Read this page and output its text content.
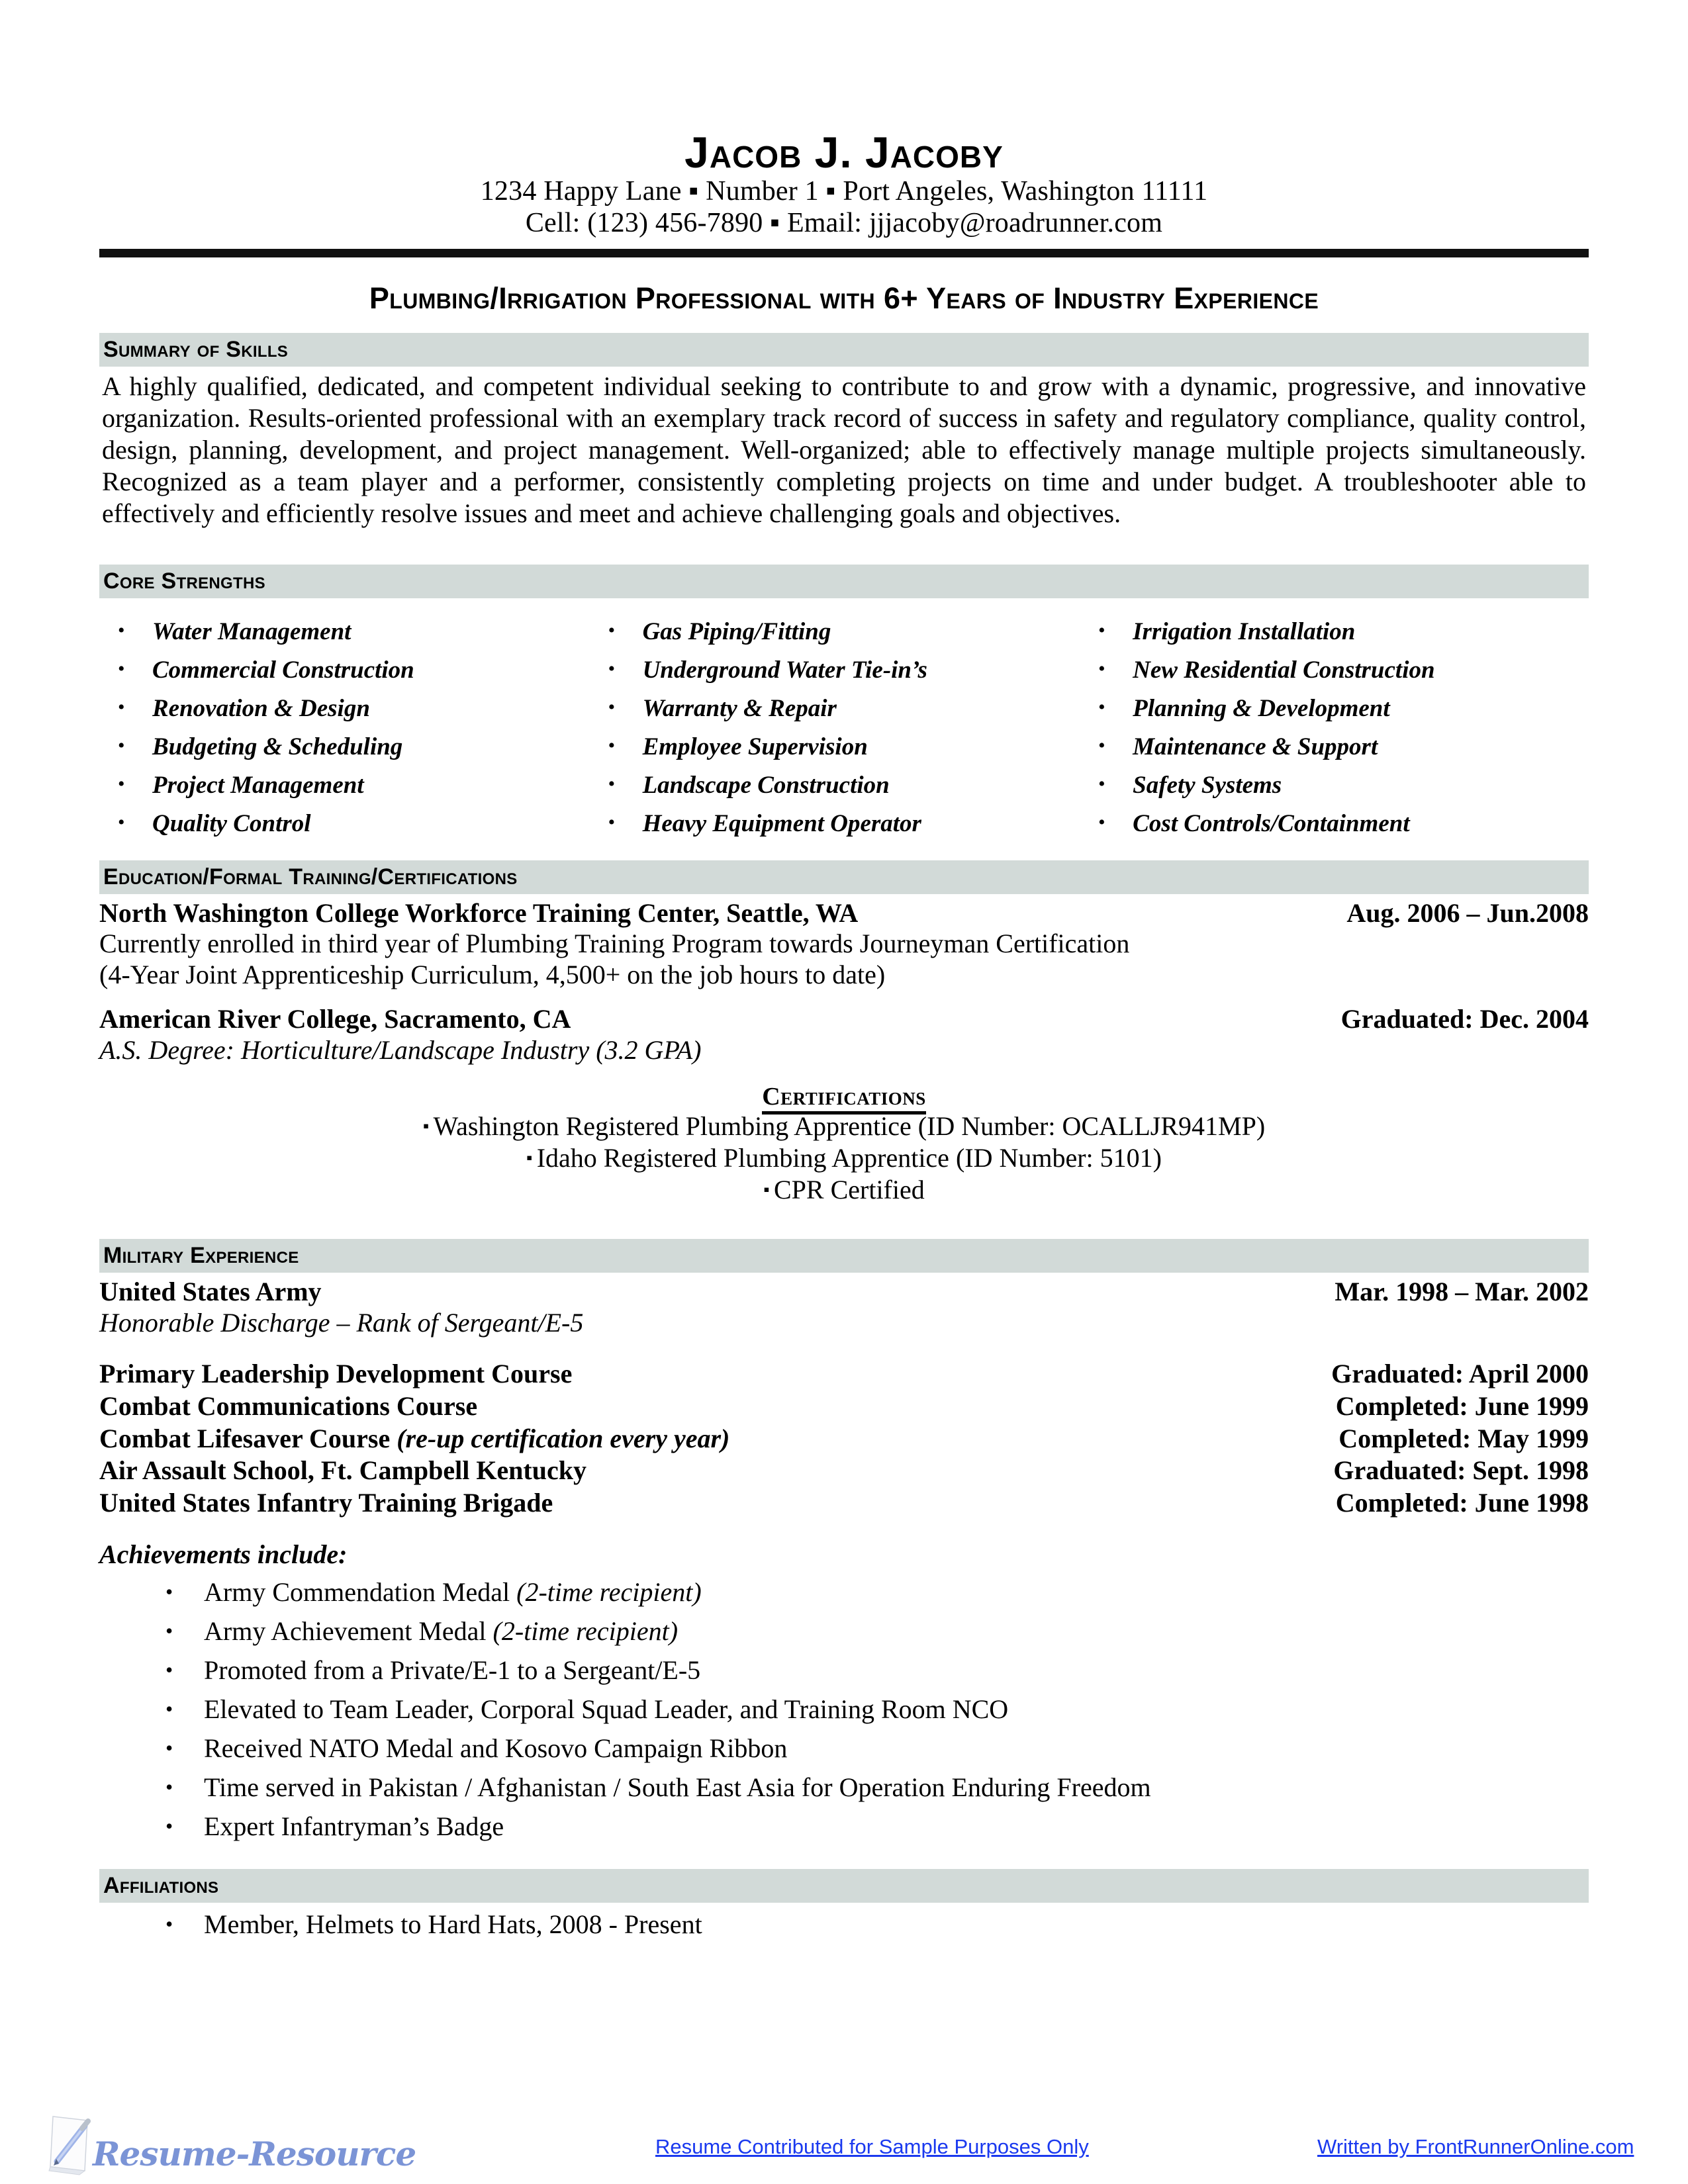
Jacob J. Jacoby
1234 Happy Lane ▪ Number 1 ▪ Port Angeles, Washington 11111
Cell: (123) 456-7890 ▪ Email: jjjacoby@roadrunner.com
Plumbing/Irrigation Professional with 6+ Years of Industry Experience
Summary of Skills
A highly qualified, dedicated, and competent individual seeking to contribute to and grow with a dynamic, progressive, and innovative organization. Results-oriented professional with an exemplary track record of success in safety and regulatory compliance, quality control, design, planning, development, and project management. Well-organized; able to effectively manage multiple projects simultaneously. Recognized as a team player and a performer, consistently completing projects on time and under budget. A troubleshooter able to effectively and efficiently resolve issues and meet and achieve challenging goals and objectives.
Core Strengths
•	Water Management
•	Commercial Construction
•	Renovation & Design
•	Budgeting & Scheduling
•	Project Management
•	Quality Control
•	Gas Piping/Fitting
•	Underground Water Tie-in’s
•	Warranty & Repair
•	Employee Supervision
•	Landscape Construction
•	Heavy Equipment Operator
•	Irrigation Installation
•	New Residential Construction
•	Planning & Development
•	Maintenance & Support
•	Safety Systems
•	Cost Controls/Containment
Education/Formal Training/Certifications
North Washington College Workforce Training Center, Seattle, WA	Aug. 2006 – Jun.2008
Currently enrolled in third year of Plumbing Training Program towards Journeyman Certification
(4-Year Joint Apprenticeship Curriculum, 4,500+ on the job hours to date)
American River College, Sacramento, CA	Graduated: Dec. 2004
A.S. Degree: Horticulture/Landscape Industry (3.2 GPA)
Certifications
▪ Washington Registered Plumbing Apprentice (ID Number: OCALLJR941MP)
▪ Idaho Registered Plumbing Apprentice (ID Number: 5101)
▪ CPR Certified
Military Experience
United States Army	Mar. 1998 – Mar. 2002
Honorable Discharge – Rank of Sergeant/E-5
Primary Leadership Development Course	Graduated: April 2000
Combat Communications Course	Completed: June 1999
Combat Lifesaver Course (re-up certification every year)	Completed: May 1999
Air Assault School, Ft. Campbell Kentucky	Graduated: Sept. 1998
United States Infantry Training Brigade	Completed: June 1998
Achievements include:
•	Army Commendation Medal (2-time recipient)
•	Army Achievement Medal (2-time recipient)
•	Promoted from a Private/E-1 to a Sergeant/E-5
•	Elevated to Team Leader, Corporal Squad Leader, and Training Room NCO
•	Received NATO Medal and Kosovo Campaign Ribbon
•	Time served in Pakistan / Afghanistan / South East Asia for Operation Enduring Freedom
•	Expert Infantryman’s Badge
Affiliations
•	Member, Helmets to Hard Hats, 2008 - Present
Resume-Resource	Resume Contributed for Sample Purposes Only	Written by FrontRunnerOnline.com
